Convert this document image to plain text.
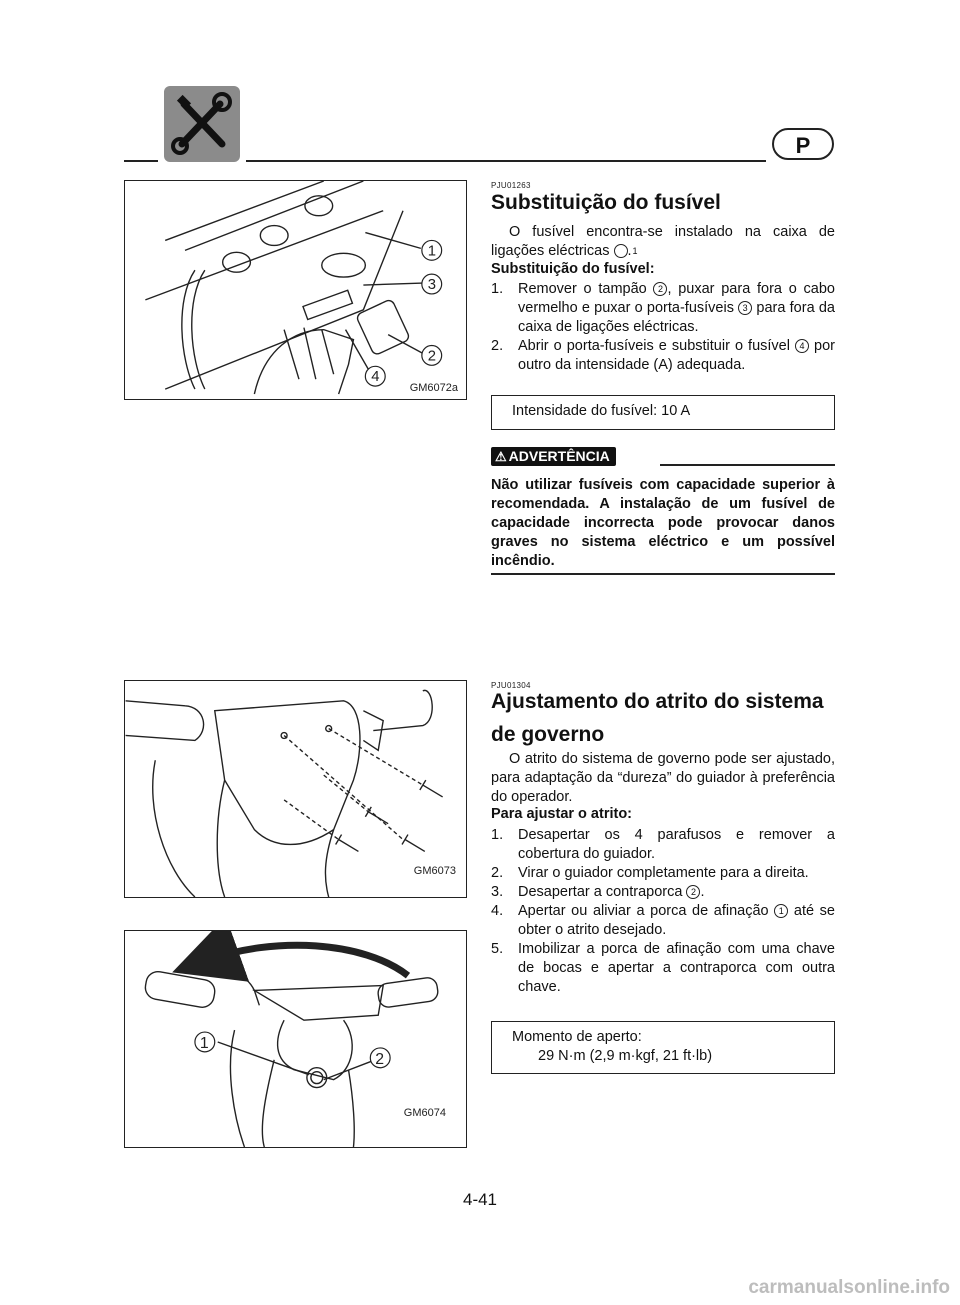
P
1
3
2
4
GM6072a
PJU01263
Substituição do fusível
O fusível encontra-se instalado na caixa de ligações eléctricas 1.
Substituição do fusível:
1. Remover o tampão 2 , puxar para fora o cabo vermelho e puxar o porta-fusíveis 3 para fora da caixa de ligações eléctricas.
2. Abrir o porta-fusíveis e substituir o fusível 4 por outro da intensidade (A) adequada.
Intensidade do fusível: 10 A
⚠ ADVERTÊNCIA
Não utilizar fusíveis com capacidade superior à recomendada. A instalação de um fusível de capacidade incorrecta pode provocar danos graves no sistema eléctrico e um possível incêndio.
GM6073
1
2
GM6074
PJU01304
Ajustamento do atrito do sistema
de governo
O atrito do sistema de governo pode ser ajustado, para adaptação da “dureza” do guiador à preferência do operador.
Para ajustar o atrito:
1. Desapertar os 4 parafusos e remover a cobertura do guiador.
2. Virar o guiador completamente para a direita.
3. Desapertar a contraporca 2 .
4. Apertar ou aliviar a porca de afinação 1 até se obter o atrito desejado.
5. Imobilizar a porca de afinação com uma chave de bocas e apertar a contraporca com outra chave.
Momento de aperto:
29 N·m (2,9 m·kgf, 21 ft·lb)
4-41
carmanualsonline.info
